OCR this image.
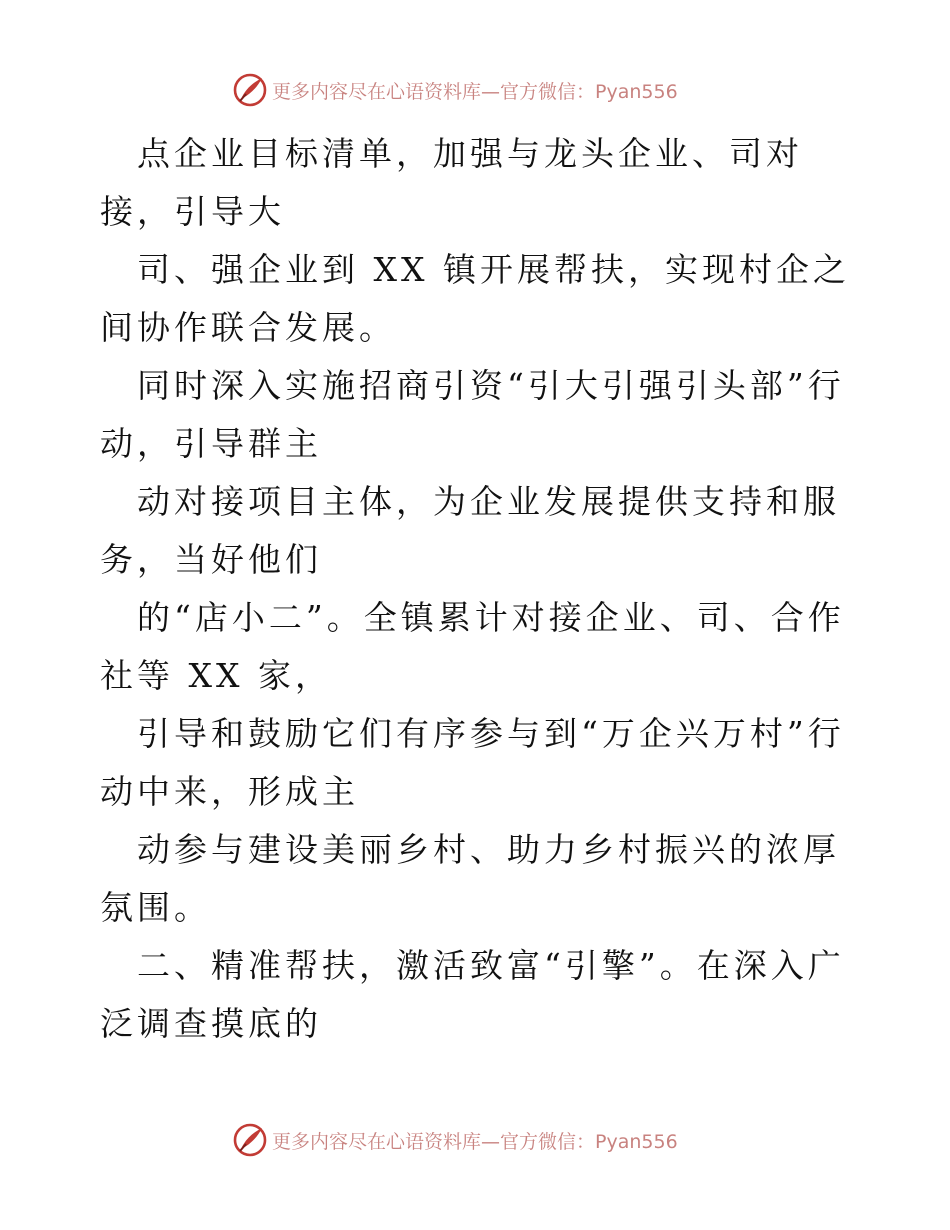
更多内容尽在心语资料库—官方微信：Pyan556

点企业目标清单，加强与龙头企业、司对接，引导大

司、强企业到 XX 镇开展帮扶，实现村企之间协作联合发展。

同时深入实施招商引资“引大引强引头部”行动，引导群主

动对接项目主体，为企业发展提供支持和服务，当好他们

的“店小二”。全镇累计对接企业、司、合作社等 XX 家，

引导和鼓励它们有序参与到“万企兴万村”行动中来，形成主

动参与建设美丽乡村、助力乡村振兴的浓厚氛围。

二、精准帮扶，激活致富“引擎”。在深入广泛调查摸底的

更多内容尽在心语资料库—官方微信：Pyan556
